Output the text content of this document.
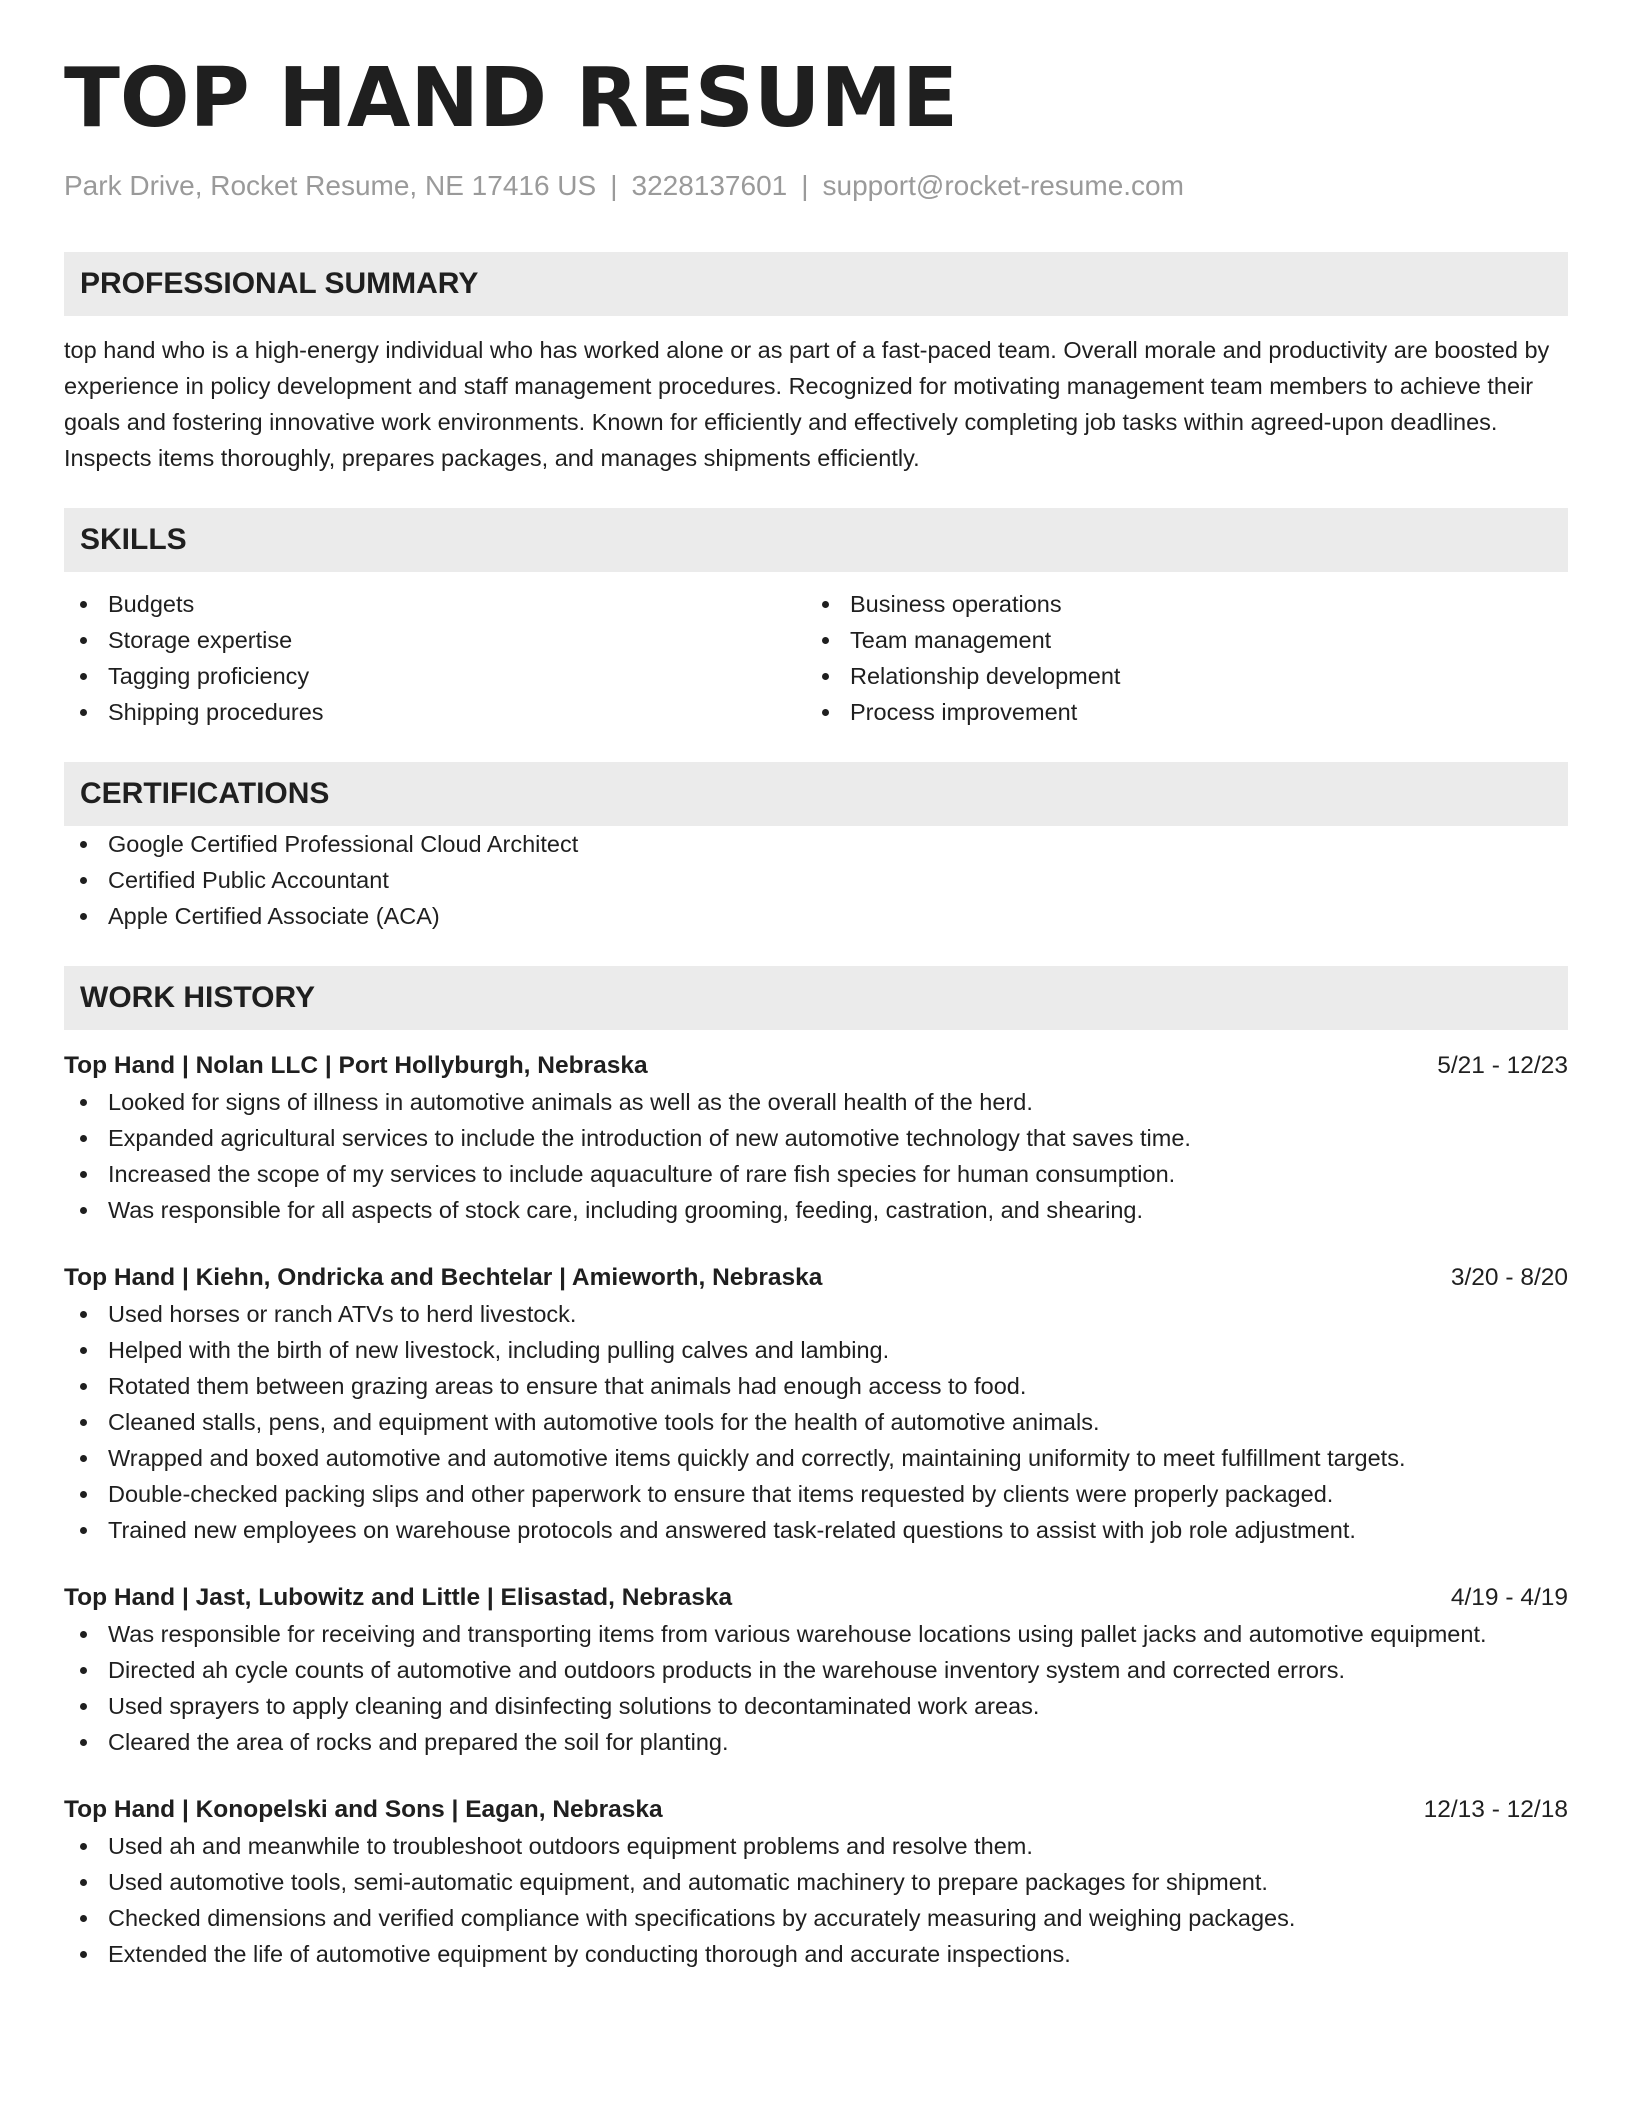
TOP HAND RESUME
Park Drive, Rocket Resume, NE 17416 US | 3228137601 | support@rocket-resume.com
PROFESSIONAL SUMMARY
top hand who is a high-energy individual who has worked alone or as part of a fast-paced team. Overall morale and productivity are boosted by experience in policy development and staff management procedures. Recognized for motivating management team members to achieve their goals and fostering innovative work environments. Known for efficiently and effectively completing job tasks within agreed-upon deadlines. Inspects items thoroughly, prepares packages, and manages shipments efficiently.
SKILLS
Budgets
Storage expertise
Tagging proficiency
Shipping procedures
Business operations
Team management
Relationship development
Process improvement
CERTIFICATIONS
Google Certified Professional Cloud Architect
Certified Public Accountant
Apple Certified Associate (ACA)
WORK HISTORY
Top Hand | Nolan LLC | Port Hollyburgh, Nebraska	5/21 - 12/23
Looked for signs of illness in automotive animals as well as the overall health of the herd.
Expanded agricultural services to include the introduction of new automotive technology that saves time.
Increased the scope of my services to include aquaculture of rare fish species for human consumption.
Was responsible for all aspects of stock care, including grooming, feeding, castration, and shearing.
Top Hand | Kiehn, Ondricka and Bechtelar | Amieworth, Nebraska	3/20 - 8/20
Used horses or ranch ATVs to herd livestock.
Helped with the birth of new livestock, including pulling calves and lambing.
Rotated them between grazing areas to ensure that animals had enough access to food.
Cleaned stalls, pens, and equipment with automotive tools for the health of automotive animals.
Wrapped and boxed automotive and automotive items quickly and correctly, maintaining uniformity to meet fulfillment targets.
Double-checked packing slips and other paperwork to ensure that items requested by clients were properly packaged.
Trained new employees on warehouse protocols and answered task-related questions to assist with job role adjustment.
Top Hand | Jast, Lubowitz and Little | Elisastad, Nebraska	4/19 - 4/19
Was responsible for receiving and transporting items from various warehouse locations using pallet jacks and automotive equipment.
Directed ah cycle counts of automotive and outdoors products in the warehouse inventory system and corrected errors.
Used sprayers to apply cleaning and disinfecting solutions to decontaminated work areas.
Cleared the area of rocks and prepared the soil for planting.
Top Hand | Konopelski and Sons | Eagan, Nebraska	12/13 - 12/18
Used ah and meanwhile to troubleshoot outdoors equipment problems and resolve them.
Used automotive tools, semi-automatic equipment, and automatic machinery to prepare packages for shipment.
Checked dimensions and verified compliance with specifications by accurately measuring and weighing packages.
Extended the life of automotive equipment by conducting thorough and accurate inspections.
